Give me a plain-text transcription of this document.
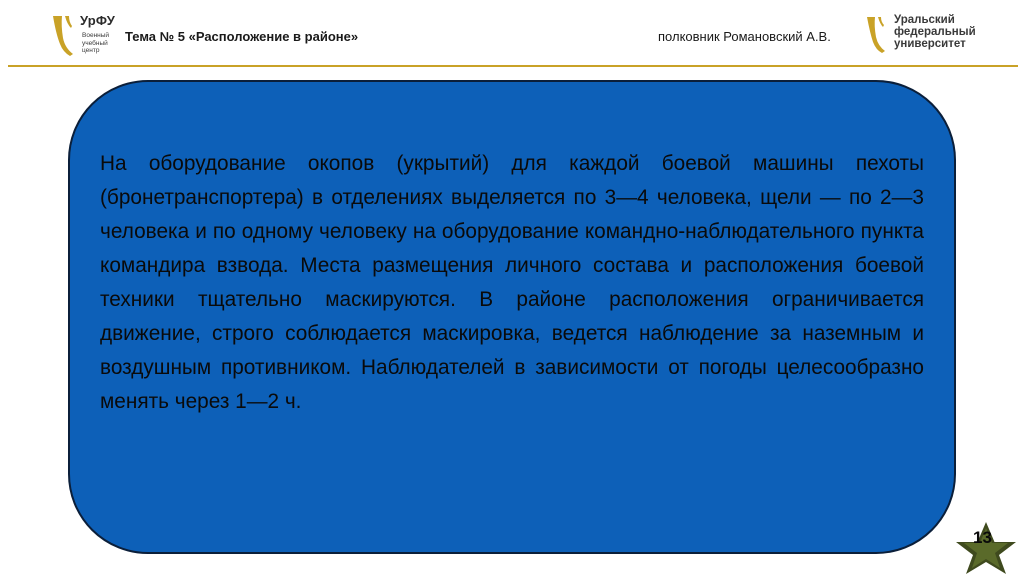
УрФУ
Военный учебный центр
Тема № 5 «Расположение в районе»	полковник Романовский А.В.
Уральский федеральный университет

На оборудование окопов (укрытий) для каждой боевой машины пехоты (бронетранспортера) в отделениях выделяется по 3—4 человека, щели — по 2—3 человека и по одному человеку на оборудование командно-наблюдательного пункта командира взвода. Места размещения личного состава и расположения боевой техники тщательно маскируются. В районе расположения ограничивается движение, строго соблюдается маскировка, ведется наблюдение за наземным и воздушным противником. Наблюдателей в зависимости от погоды целесообразно менять через 1—2 ч.

13
